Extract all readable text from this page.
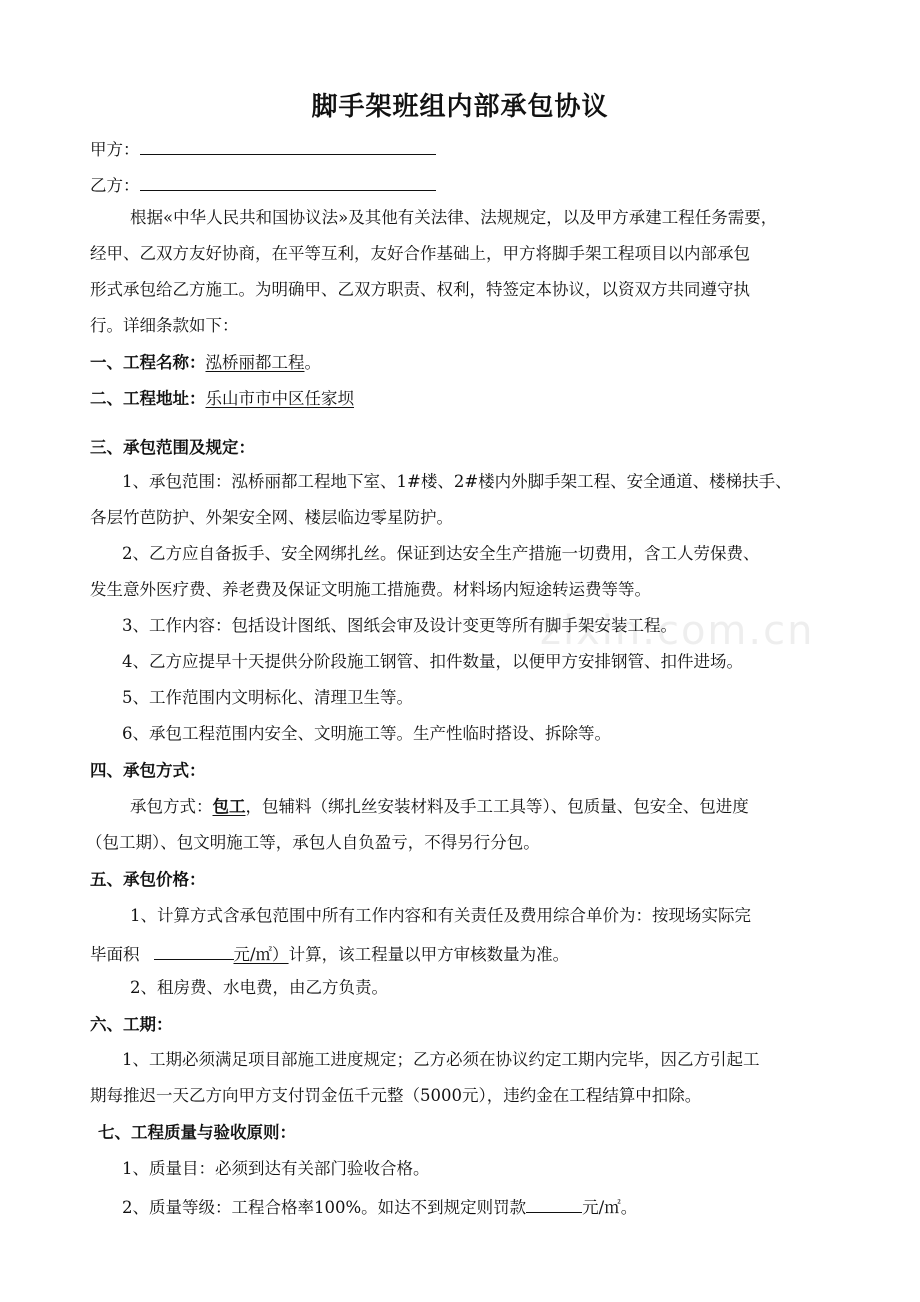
zixin.com.cn
脚手架班组内部承包协议
甲方：
乙方：
根据«中华人民共和国协议法»及其他有关法律、法规规定，以及甲方承建工程任务需要，
经甲、乙双方友好协商，在平等互利，友好合作基础上，甲方将脚手架工程项目以内部承包
形式承包给乙方施工。为明确甲、乙双方职责、权利，特签定本协议，以资双方共同遵守执
行。详细条款如下：
一、工程名称：泓桥丽都工程。
二、工程地址：乐山市市中区任家坝
三、承包范围及规定：
1、承包范围：泓桥丽都工程地下室、1#楼、2#楼内外脚手架工程、安全通道、楼梯扶手、
各层竹芭防护、外架安全网、楼层临边零星防护。
2、乙方应自备扳手、安全网绑扎丝。保证到达安全生产措施一切费用，含工人劳保费、
发生意外医疗费、养老费及保证文明施工措施费。材料场内短途转运费等等。
3、工作内容：包括设计图纸、图纸会审及设计变更等所有脚手架安装工程。
4、乙方应提早十天提供分阶段施工钢管、扣件数量，以便甲方安排钢管、扣件进场。
5、工作范围内文明标化、清理卫生等。
6、承包工程范围内安全、文明施工等。生产性临时搭设、拆除等。
四、承包方式：
承包方式：包工，包辅料（绑扎丝安装材料及手工工具等）、包质量、包安全、包进度
（包工期）、包文明施工等，承包人自负盈亏，不得另行分包。
五、承包价格：
1、计算方式含承包范围中所有工作内容和有关责任及费用综合单价为：按现场实际完
毕面积	元/㎡）计算，该工程量以甲方审核数量为准。
2、租房费、水电费，由乙方负责。
六、工期：
1、工期必须满足项目部施工进度规定；乙方必须在协议约定工期内完毕，因乙方引起工
期每推迟一天乙方向甲方支付罚金伍千元整（5000元），违约金在工程结算中扣除。
七、工程质量与验收原则：
1、质量目：必须到达有关部门验收合格。
2、质量等级：工程合格率100%。如达不到规定则罚款	元/㎡。
